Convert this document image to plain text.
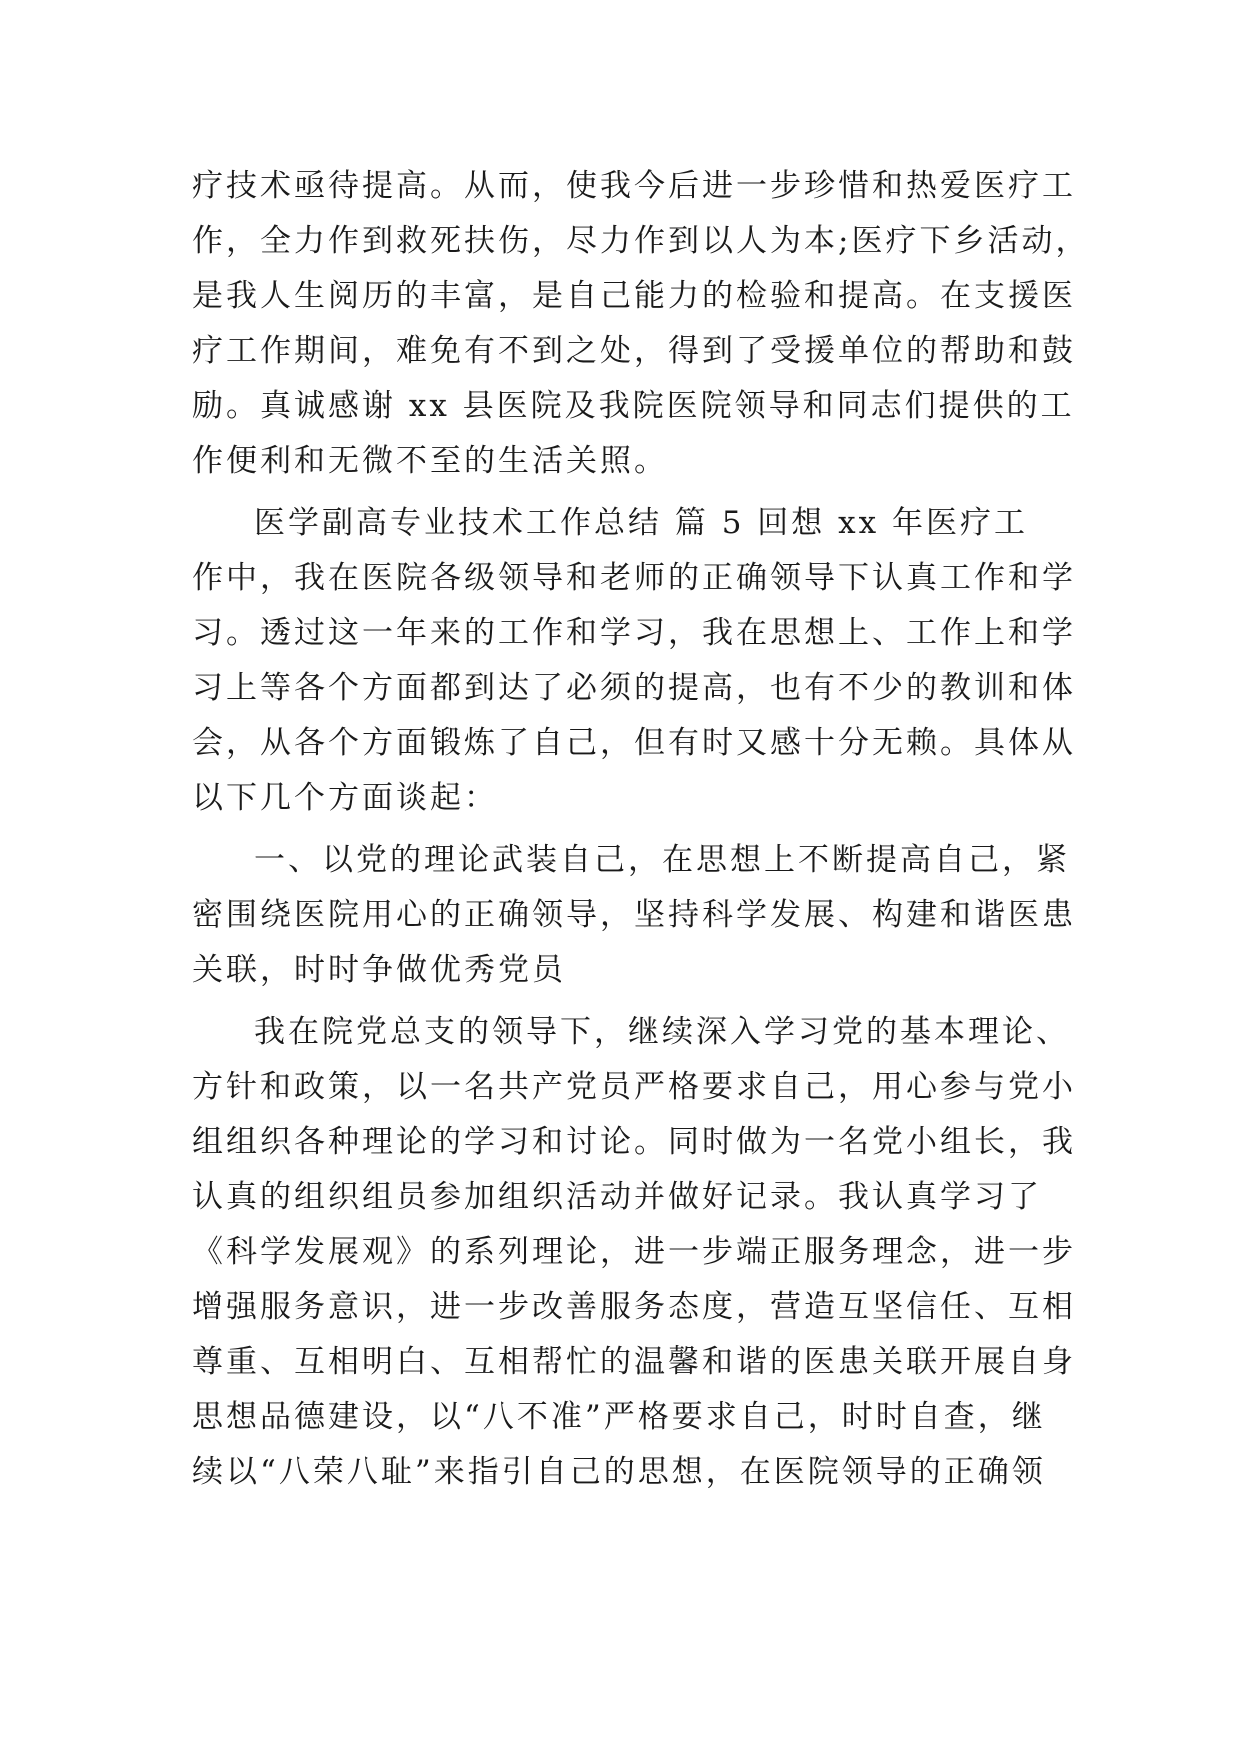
疗技术亟待提高。从而，使我今后进一步珍惜和热爱医疗工
作，全力作到救死扶伤，尽力作到以人为本;医疗下乡活动，
是我人生阅历的丰富，是自己能力的检验和提高。在支援医
疗工作期间，难免有不到之处，得到了受援单位的帮助和鼓
励。真诚感谢 xx 县医院及我院医院领导和同志们提供的工
作便利和无微不至的生活关照。
医学副高专业技术工作总结 篇 5 回想 xx 年医疗工
作中，我在医院各级领导和老师的正确领导下认真工作和学
习。透过这一年来的工作和学习，我在思想上、工作上和学
习上等各个方面都到达了必须的提高，也有不少的教训和体
会，从各个方面锻炼了自己，但有时又感十分无赖。具体从
以下几个方面谈起：
一、以党的理论武装自己，在思想上不断提高自己，紧
密围绕医院用心的正确领导，坚持科学发展、构建和谐医患
关联，时时争做优秀党员
我在院党总支的领导下，继续深入学习党的基本理论、
方针和政策，以一名共产党员严格要求自己，用心参与党小
组组织各种理论的学习和讨论。同时做为一名党小组长，我
认真的组织组员参加组织活动并做好记录。我认真学习了
《科学发展观》的系列理论，进一步端正服务理念，进一步
增强服务意识，进一步改善服务态度，营造互坚信任、互相
尊重、互相明白、互相帮忙的温馨和谐的医患关联开展自身
思想品德建设，以“八不准”严格要求自己，时时自查，继
续以“八荣八耻”来指引自己的思想，在医院领导的正确领
